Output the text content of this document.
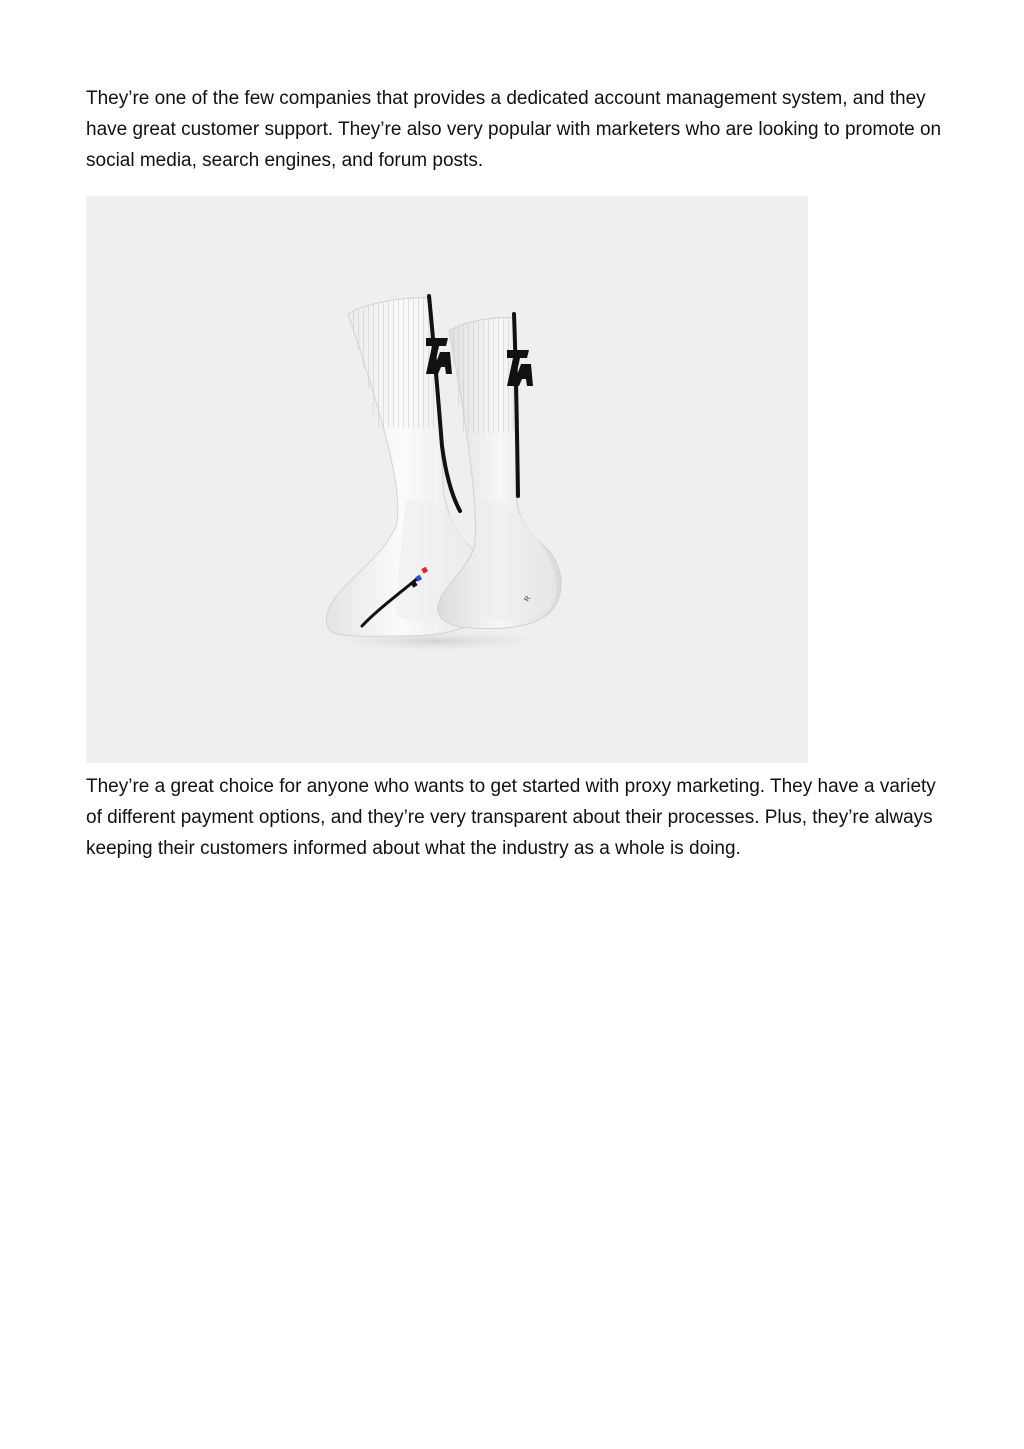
They’re one of the few companies that provides a dedicated account management system, and they have great customer support. They’re also very popular with marketers who are looking to promote on social media, search engines, and forum posts.

R

They’re a great choice for anyone who wants to get started with proxy marketing. They have a variety of different payment options, and they’re very transparent about their processes. Plus, they’re always keeping their customers informed about what the industry as a whole is doing.
